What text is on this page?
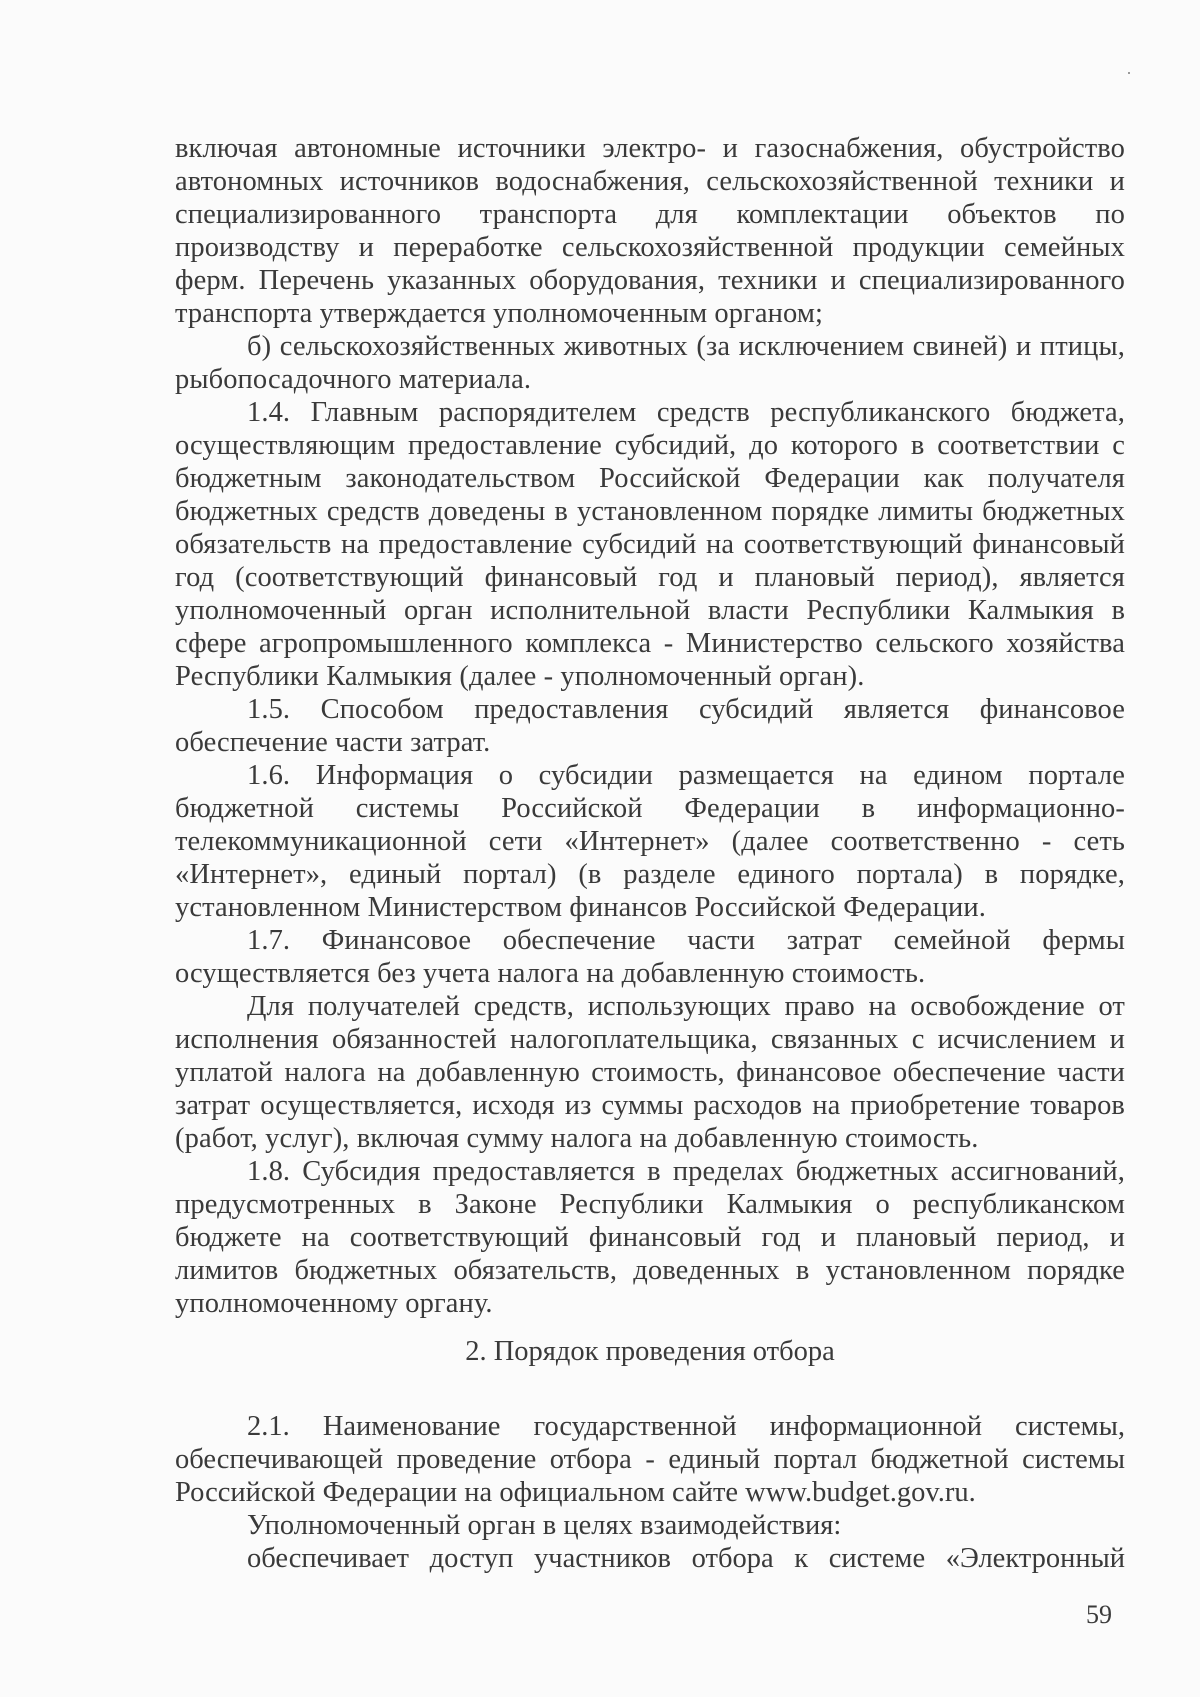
включая автономные источники электро- и газоснабжения, обустройство автономных источников водоснабжения, сельскохозяйственной техники и специализированного транспорта для комплектации объектов по производству и переработке сельскохозяйственной продукции семейных ферм. Перечень указанных оборудования, техники и специализированного транспорта утверждается уполномоченным органом;

б) сельскохозяйственных животных (за исключением свиней) и птицы, рыбопосадочного материала.

1.4. Главным распорядителем средств республиканского бюджета, осуществляющим предоставление субсидий, до которого в соответствии с бюджетным законодательством Российской Федерации как получателя бюджетных средств доведены в установленном порядке лимиты бюджетных обязательств на предоставление субсидий на соответствующий финансовый год (соответствующий финансовый год и плановый период), является уполномоченный орган исполнительной власти Республики Калмыкия в сфере агропромышленного комплекса - Министерство сельского хозяйства Республики Калмыкия (далее - уполномоченный орган).

1.5. Способом предоставления субсидий является финансовое обеспечение части затрат.

1.6. Информация о субсидии размещается на едином портале бюджетной системы Российской Федерации в информационно-телекоммуникационной сети «Интернет» (далее соответственно - сеть «Интернет», единый портал) (в разделе единого портала) в порядке, установленном Министерством финансов Российской Федерации.

1.7. Финансовое обеспечение части затрат семейной фермы осуществляется без учета налога на добавленную стоимость.

Для получателей средств, использующих право на освобождение от исполнения обязанностей налогоплательщика, связанных с исчислением и уплатой налога на добавленную стоимость, финансовое обеспечение части затрат осуществляется, исходя из суммы расходов на приобретение товаров (работ, услуг), включая сумму налога на добавленную стоимость.

1.8. Субсидия предоставляется в пределах бюджетных ассигнований, предусмотренных в Законе Республики Калмыкия о республиканском бюджете на соответствующий финансовый год и плановый период, и лимитов бюджетных обязательств, доведенных в установленном порядке уполномоченному органу.

2. Порядок проведения отбора

2.1. Наименование государственной информационной системы, обеспечивающей проведение отбора - единый портал бюджетной системы Российской Федерации на официальном сайте www.budget.gov.ru.

Уполномоченный орган в целях взаимодействия:

обеспечивает доступ участников отбора к системе «Электронный

59
